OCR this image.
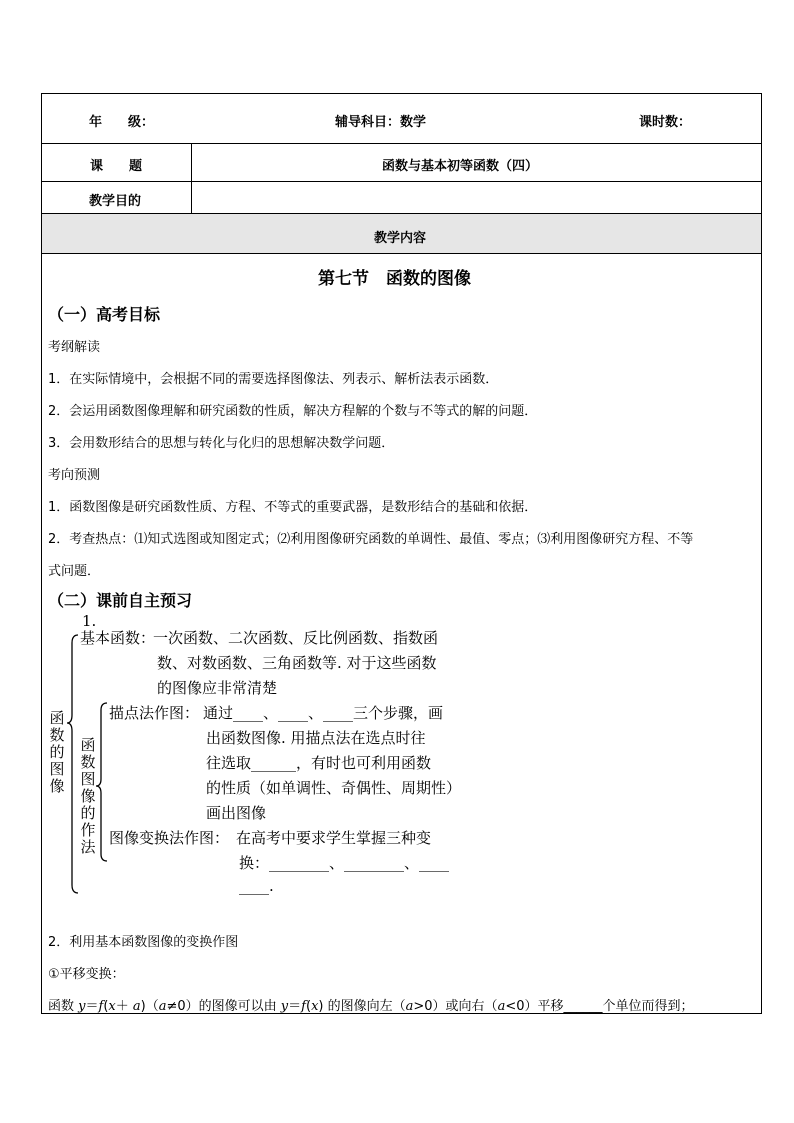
年　　级：	辅导科目：数学	课时数：
课　　题	函数与基本初等函数（四）
教学目的
教学内容
第七节　函数的图像
（一）高考目标
考纲解读
1．在实际情境中，会根据不同的需要选择图像法、列表示、解析法表示函数．
2．会运用函数图像理解和研究函数的性质，解决方程解的个数与不等式的解的问题．
3．会用数形结合的思想与转化与化归的思想解决数学问题．
考向预测
1．函数图像是研究函数性质、方程、不等式的重要武器，是数形结合的基础和依据．
2．考查热点：⑴知式选图或知图定式；⑵利用图像研究函数的单调性、最值、零点；⑶利用图像研究方程、不等
式问题．
（二）课前自主预习
1.
函数的图像
基本函数：
一次函数、二次函数、反比例函数、指数函
数、对数函数、三角函数等. 对于这些函数
的图像应非常清楚
函数图像的作法
描点法作图： 通过____、____、____三个步骤，画
出函数图像. 用描点法在选点时往
往选取______，有时也可利用函数
的性质（如单调性、奇偶性、周期性）
画出图像
图像变换法作图： 在高考中要求学生掌握三种变
换：________、________、____
____.
2．利用基本函数图像的变换作图
①平移变换：
函数 y＝f(x＋ a)（a≠0）的图像可以由 y＝f(x) 的图像向左（a>0）或向右（a<0）平移______个单位而得到；
